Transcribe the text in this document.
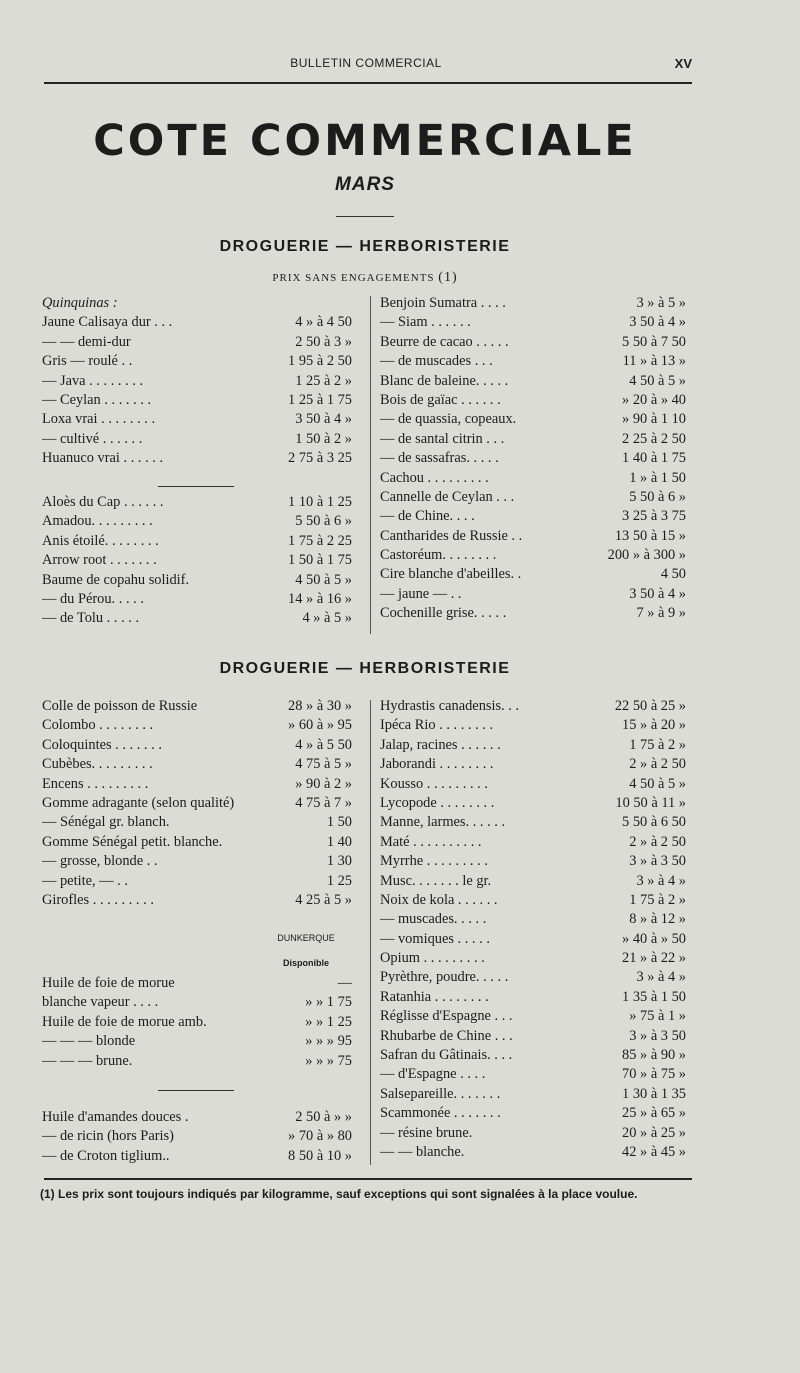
BULLETIN COMMERCIAL	XV
COTE COMMERCIALE
MARS
DROGUERIE — HERBORISTERIE
PRIX SANS ENGAGEMENTS (1)
Quinquinas :
Jaune Calisaya dur . . .	4 » à 4 50
— — demi-dur	2 50 à 3 »
Gris — roulé . .	1 95 à 2 50
— Java . . . . . . . .	1 25 à 2 »
— Ceylan . . . . . . .	1 25 à 1 75
Loxa vrai . . . . . . . .	3 50 à 4 »
— cultivé . . . . . .	1 50 à 2 »
Huanuco vrai . . . . . .	2 75 à 3 25
Aloès du Cap . . . . . .	1 10 à 1 25
Amadou. . . . . . . . .	5 50 à 6 »
Anis étoilé. . . . . . . .	1 75 à 2 25
Arrow root . . . . . . .	1 50 à 1 75
Baume de copahu solidif.	4 50 à 5 »
— du Pérou. . . . .	14 » à 16 »
— de Tolu . . . . .	4 » à 5 »
Benjoin Sumatra . . . .	3 » à 5 »
— Siam . . . . . .	3 50 à 4 »
Beurre de cacao . . . . .	5 50 à 7 50
— de muscades . . .	11 » à 13 »
Blanc de baleine. . . . .	4 50 à 5 »
Bois de gaïac . . . . . .	» 20 à » 40
— de quassia, copeaux.	» 90 à 1 10
— de santal citrin . . .	2 25 à 2 50
— de sassafras. . . . .	1 40 à 1 75
Cachou . . . . . . . . .	1 » à 1 50
Cannelle de Ceylan . . .	5 50 à 6 »
— de Chine. . . .	3 25 à 3 75
Cantharides de Russie . .	13 50 à 15 »
Castoréum. . . . . . . .	200 » à 300 »
Cire blanche d'abeilles. .	4 50
— jaune — . .	3 50 à 4 »
Cochenille grise. . . . .	7 » à 9 »
DROGUERIE — HERBORISTERIE
Colle de poisson de Russie	28 » à 30 »
Colombo . . . . . . . .	» 60 à » 95
Coloquintes . . . . . . .	4 » à 5 50
Cubèbes. . . . . . . . .	4 75 à 5 »
Encens . . . . . . . . .	» 90 à 2 »
Gomme adragante (selon qualité)	4 75 à 7 »
— Sénégal gr. blanch.	1 50
Gomme Sénégal petit. blanche.	1 40
— grosse, blonde . .	1 30
— petite, — . .	1 25
Girofles . . . . . . . . .	4 25 à 5 »
DUNKERQUE
Disponible
Huile de foie de morue	—
blanche vapeur . . . .	» » 1 75
Huile de foie de morue amb.	» » 1 25
— — — blonde	» » » 95
— — — brune.	» » » 75
Huile d'amandes douces .	2 50 à » »
— de ricin (hors Paris)	» 70 à » 80
— de Croton tiglium..	8 50 à 10 »
Hydrastis canadensis. . .	22 50 à 25 »
Ipéca Rio . . . . . . . .	15 » à 20 »
Jalap, racines . . . . . .	1 75 à 2 »
Jaborandi . . . . . . . .	2 » à 2 50
Kousso . . . . . . . . .	4 50 à 5 »
Lycopode . . . . . . . .	10 50 à 11 »
Manne, larmes. . . . . .	5 50 à 6 50
Maté . . . . . . . . . .	2 » à 2 50
Myrrhe . . . . . . . . .	3 » à 3 50
Musc. . . . . . . le gr.	3 » à 4 »
Noix de kola . . . . . .	1 75 à 2 »
— muscades. . . . .	8 » à 12 »
— vomiques . . . . .	» 40 à » 50
Opium . . . . . . . . .	21 » à 22 »
Pyrèthre, poudre. . . . .	3 » à 4 »
Ratanhia . . . . . . . .	1 35 à 1 50
Réglisse d'Espagne . . .	» 75 à 1 »
Rhubarbe de Chine . . .	3 » à 3 50
Safran du Gâtinais. . . .	85 » à 90 »
— d'Espagne . . . .	70 » à 75 »
Salsepareille. . . . . . .	1 30 à 1 35
Scammonée . . . . . . .	25 » à 65 »
— résine brune.	20 » à 25 »
— — blanche.	42 » à 45 »
(1) Les prix sont toujours indiqués par kilogramme, sauf exceptions qui sont signalées à la place voulue.
